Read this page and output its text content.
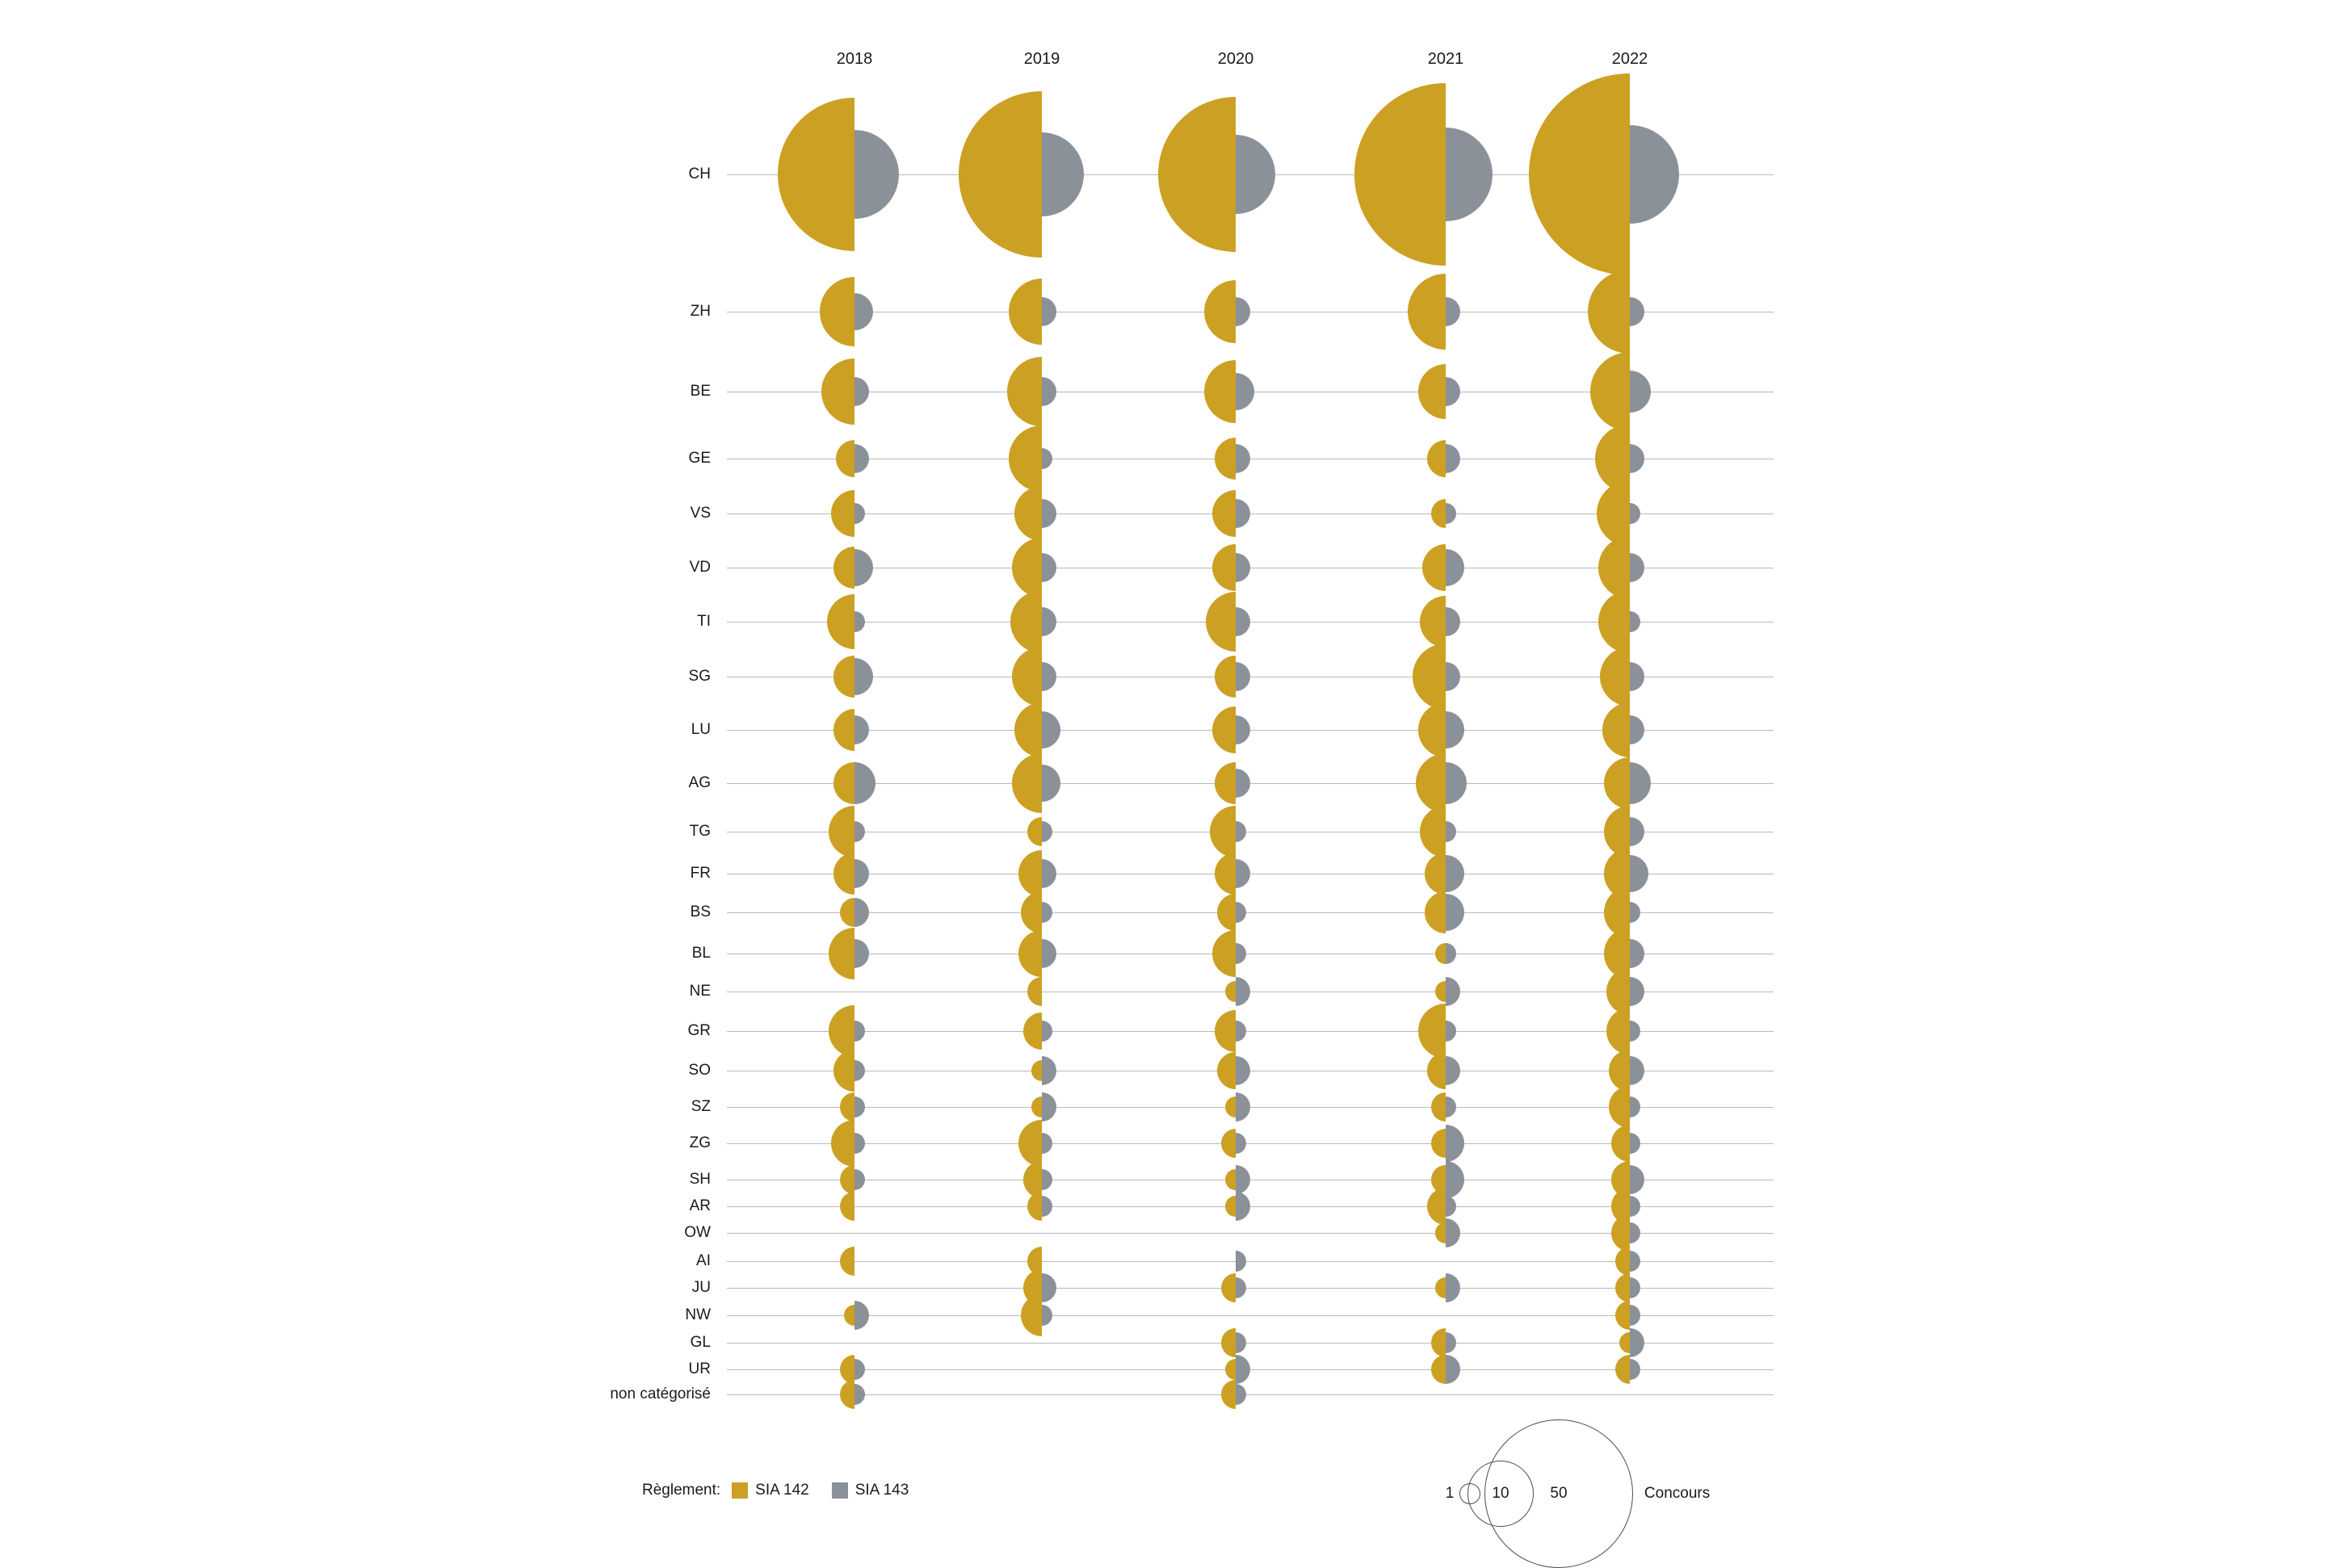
2018	2019	2020	2021	2022
CH
ZH
BE
GE
VS
VD
TI
SG
LU
AG
TG
FR
BS
BL
NE
GR
SO
SZ
ZG
SH
AR
OW
AI
JU
NW
GL
UR
non catégorisé
Règlement: SIA 142	SIA 143	1 10	50	Concours
